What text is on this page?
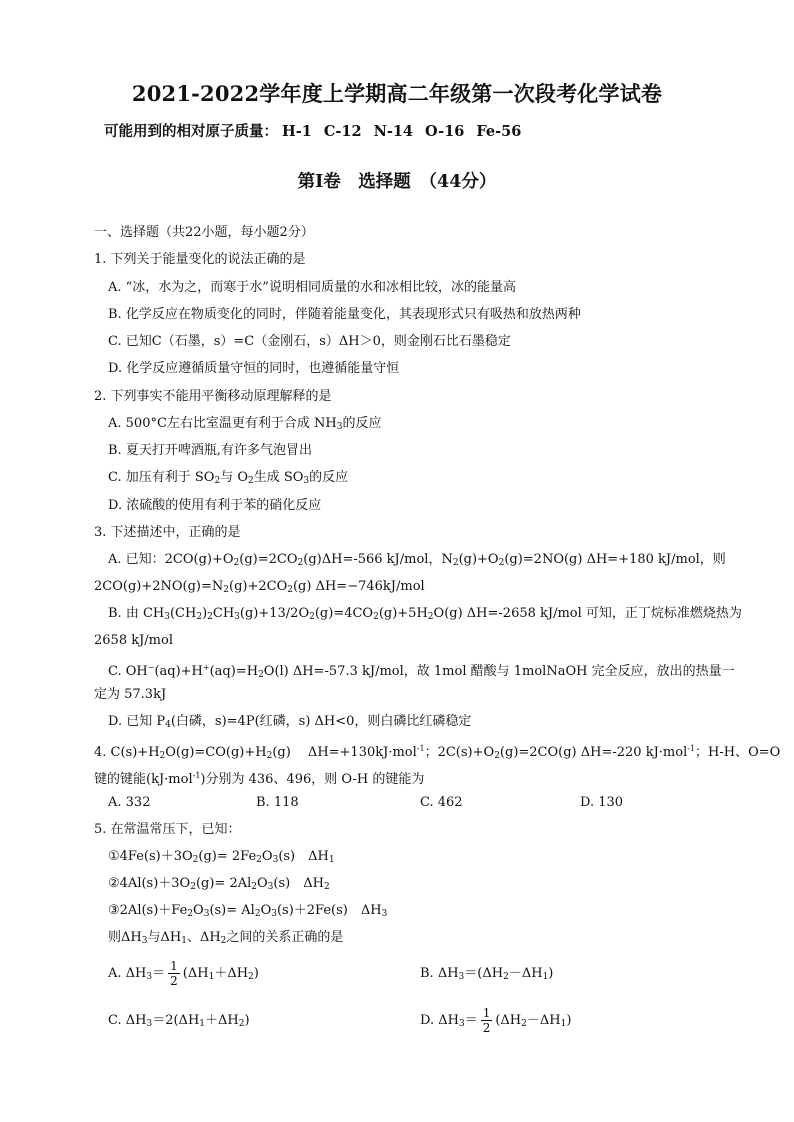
2021-2022学年度上学期高二年级第一次段考化学试卷
可能用到的相对原子质量： H-1 C-12 N-14 O-16 Fe-56
第Ⅰ卷　选择题　（44分）
一、选择题（共22小题，每小题2分）
1. 下列关于能量变化的说法正确的是
A. “冰，水为之，而寒于水”说明相同质量的水和冰相比较，冰的能量高
B. 化学反应在物质变化的同时，伴随着能量变化，其表现形式只有吸热和放热两种
C. 已知C（石墨，s）=C（金刚石，s）ΔH＞0，则金刚石比石墨稳定
D. 化学反应遵循质量守恒的同时，也遵循能量守恒
2. 下列事实不能用平衡移动原理解释的是
A. 500°C左右比室温更有利于合成 $NH_3$的反应
B. 夏天打开啤酒瓶,有许多气泡冒出
C. 加压有利于 $SO_2$与 $O_2$生成 $SO_3$的反应
D. 浓硫酸的使用有利于苯的硝化反应
3. 下述描述中，正确的是
A. 已知：$2CO(g)+O_2(g)=2CO_2(g)\Delta H=-566$ kJ/mol，$N_2(g)+O_2(g)=2NO(g)$ ΔH=+180 kJ/mol，则
$2CO(g)+2NO(g)=N_2(g)+2CO_2(g)$ ΔH=−746kJ/mol
B. 由 $CH_3(CH_2)_2CH_3(g)+13/2O_2(g)=4CO_2(g)+5H_2O(g)$ ΔH=-2658 kJ/mol 可知，正丁烷标准燃烧热为
2658 kJ/mol
C. $OH^-(aq)+H^+(aq)=H_2O(l)$ ΔH=-57.3 kJ/mol，故 1mol 醋酸与 1molNaOH 完全反应，放出的热量一
定为 57.3kJ
D. 已知 $P_4$(白磷，s)=4P(红磷，s) ΔH<0，则白磷比红磷稳定
4. $C(s)+H_2O(g)=CO(g)+H_2(g)$　 ΔH=+130kJ·mol$^{-1}$；$2C(s)+O_2(g)=2CO(g)$ ΔH=-220 kJ·mol$^{-1}$；H-H、O=O
键的键能(kJ·mol$^{-1}$)分别为 436、496，则 O-H 的键能为
A. 332	B. 118	C. 462	D. 130
5. 在常温常压下，已知：
$①4Fe(s)+3O_2(g)= 2Fe_2O_3(s)$　$\Delta H_1$
$②4Al(s)+3O_2(g)= 2Al_2O_3(s)$　$\Delta H_2$
$③2Al(s)+Fe_2O_3(s)= Al_2O_3(s)+2Fe(s)$　$\Delta H_3$
则$\Delta H_3$与$\Delta H_1$、$\Delta H_2$之间的关系正确的是
A. $\Delta H_3= \frac{1}{2} (\Delta H_1+\Delta H_2)$	B. $\Delta H_3=(\Delta H_2-\Delta H_1)$
C. $\Delta H_3=2(\Delta H_1+\Delta H_2)$	D. $\Delta H_3= \frac{1}{2} (\Delta H_2-\Delta H_1)$
